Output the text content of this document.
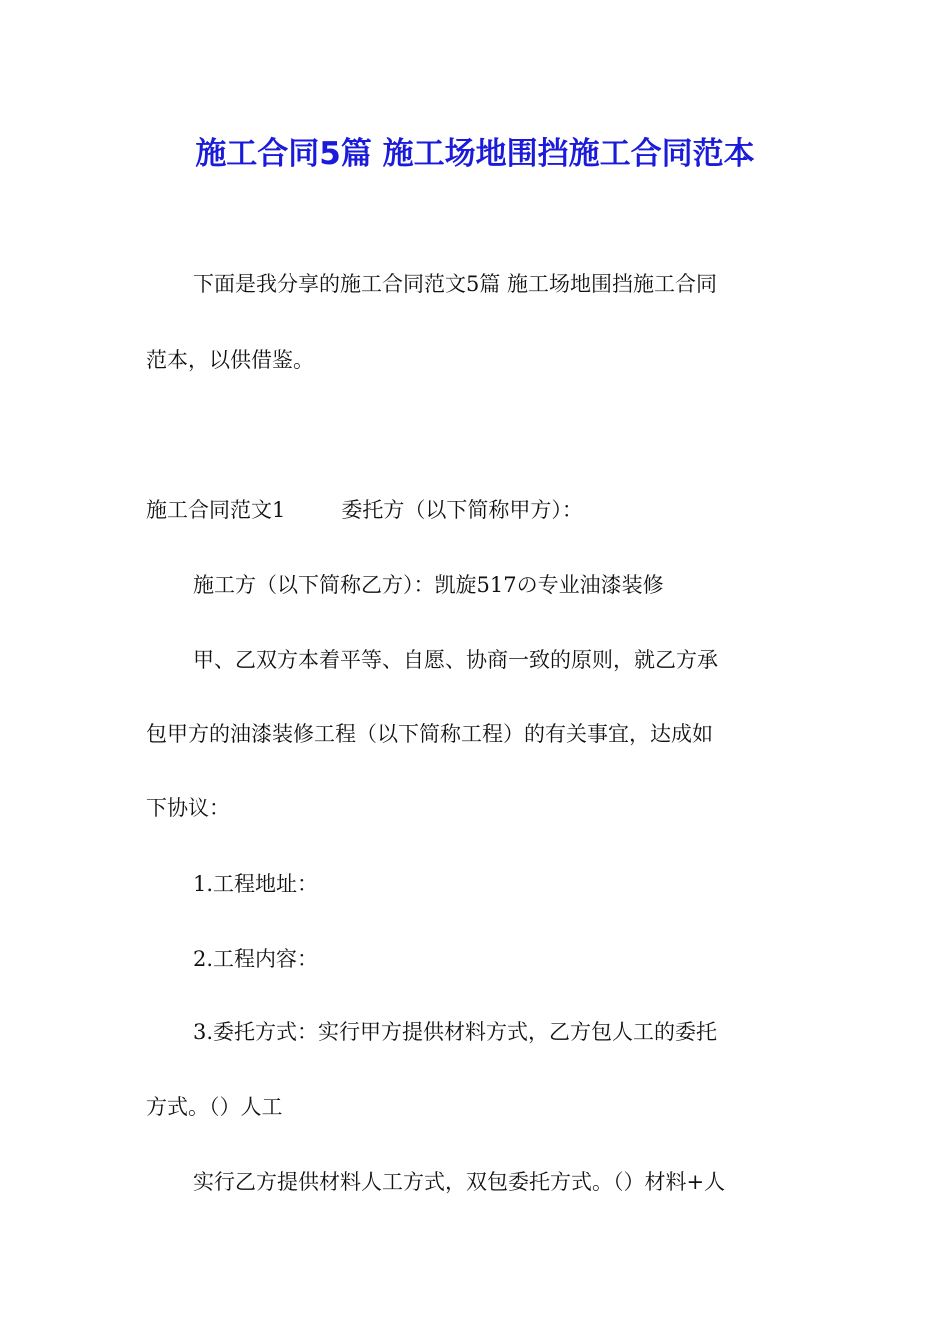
施工合同5篇 施工场地围挡施工合同范本
下面是我分享的施工合同范文5篇 施工场地围挡施工合同
范本，以供借鉴。
施工合同范文1	委托方（以下简称甲方）：
施工方（以下简称乙方）：凯旋517の专业油漆装修
甲、乙双方本着平等、自愿、协商一致的原则，就乙方承
包甲方的油漆装修工程（以下简称工程）的有关事宜，达成如
下协议：
1.工程地址：
2.工程内容：
3.委托方式：实行甲方提供材料方式，乙方包人工的委托
方式。（）人工
实行乙方提供材料人工方式，双包委托方式。（）材料+人
